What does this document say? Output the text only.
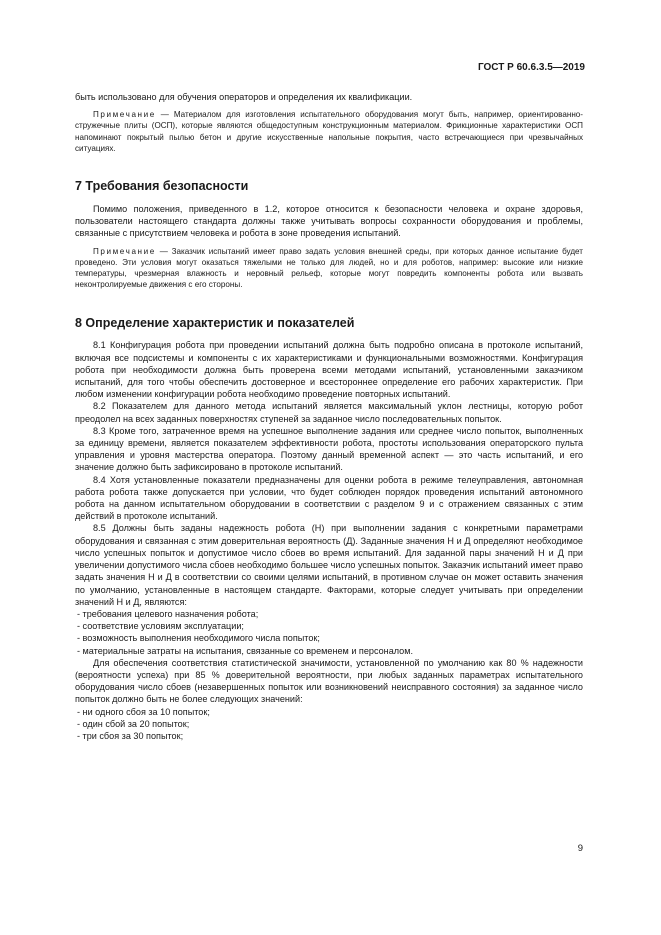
ГОСТ Р 60.6.3.5—2019

быть использовано для обучения операторов и определения их квалификации.

Примечание — Материалом для изготовления испытательного оборудования могут быть, например, ориентированно-стружечные плиты (ОСП), которые являются общедоступным конструкционным материалом. Фрикционные характеристики ОСП напоминают покрытый пылью бетон и другие искусственные напольные покрытия, часто встречающиеся при чрезвычайных ситуациях.

7 Требования безопасности

Помимо положения, приведенного в 1.2, которое относится к безопасности человека и охране здоровья, пользователи настоящего стандарта должны также учитывать вопросы сохранности оборудования и проблемы, связанные с присутствием человека и робота в зоне проведения испытаний.

Примечание — Заказчик испытаний имеет право задать условия внешней среды, при которых данное испытание будет проведено. Эти условия могут оказаться тяжелыми не только для людей, но и для роботов, например: высокие или низкие температуры, чрезмерная влажность и неровный рельеф, которые могут повредить компоненты робота или вызвать неконтролируемые движения с его стороны.

8 Определение характеристик и показателей

8.1 Конфигурация робота при проведении испытаний должна быть подробно описана в протоколе испытаний, включая все подсистемы и компоненты с их характеристиками и функциональными возможностями. Конфигурация робота при необходимости должна быть проверена всеми методами испытаний, установленными заказчиком испытаний, для того чтобы обеспечить достоверное и всестороннее определение его рабочих характеристик. При любом изменении конфигурации робота необходимо проведение повторных испытаний.

8.2 Показателем для данного метода испытаний является максимальный уклон лестницы, которую робот преодолел на всех заданных поверхностях ступеней за заданное число последовательных попыток.

8.3 Кроме того, затраченное время на успешное выполнение задания или среднее число попыток, выполненных за единицу времени, является показателем эффективности робота, простоты использования операторского пульта управления и уровня мастерства оператора. Поэтому данный временной аспект — это часть испытаний, и его значение должно быть зафиксировано в протоколе испытаний.

8.4 Хотя установленные показатели предназначены для оценки робота в режиме телеуправления, автономная работа робота также допускается при условии, что будет соблюден порядок проведения испытаний автономного робота на данном испытательном оборудовании в соответствии с разделом 9 и с отражением связанных с этим действий в протоколе испытаний.

8.5 Должны быть заданы надежность робота (Н) при выполнении задания с конкретными параметрами оборудования и связанная с этим доверительная вероятность (Д). Заданные значения Н и Д определяют необходимое число успешных попыток и допустимое число сбоев во время испытаний. Для заданной пары значений Н и Д при увеличении допустимого числа сбоев необходимо большее число успешных попыток. Заказчик испытаний имеет право задать значения Н и Д в соответствии со своими целями испытаний, в противном случае он может оставить значения по умолчанию, установленные в настоящем стандарте. Факторами, которые следует учитывать при определении значений Н и Д, являются:

- требования целевого назначения робота;

- соответствие условиям эксплуатации;

- возможность выполнения необходимого числа попыток;

- материальные затраты на испытания, связанные со временем и персоналом.

Для обеспечения соответствия статистической значимости, установленной по умолчанию как 80 % надежности (вероятности успеха) при 85 % доверительной вероятности, при любых заданных параметрах испытательного оборудования число сбоев (незавершенных попыток или возникновений неисправного состояния) за заданное число попыток должно быть не более следующих значений:

- ни одного сбоя за 10 попыток;

- один сбой за 20 попыток;

- три сбоя за 30 попыток;

9
